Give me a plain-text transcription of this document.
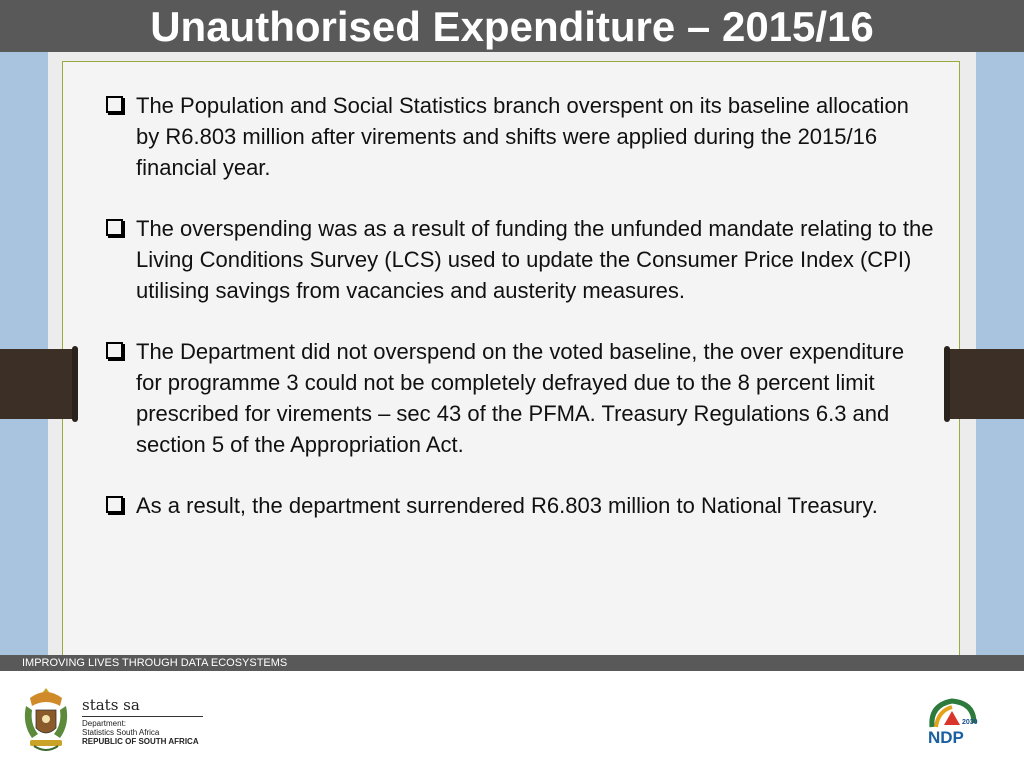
Unauthorised Expenditure – 2015/16
The Population and Social Statistics branch overspent on its baseline allocation by R6.803 million after virements and shifts were applied during the 2015/16 financial year.
The overspending was as a result of funding the unfunded mandate relating to the Living Conditions Survey (LCS) used to update the Consumer Price Index (CPI) utilising savings from vacancies and austerity measures.
The Department did not overspend on the voted baseline, the over expenditure for programme 3 could not be completely defrayed due to the 8 percent limit prescribed for virements – sec 43 of the PFMA. Treasury Regulations 6.3 and section 5 of the Appropriation Act.
As a result, the department surrendered R6.803 million to National Treasury.
IMPROVING LIVES THROUGH DATA ECOSYSTEMS
stats sa
Department:
Statistics South Africa
REPUBLIC OF SOUTH AFRICA
2030
NDP
